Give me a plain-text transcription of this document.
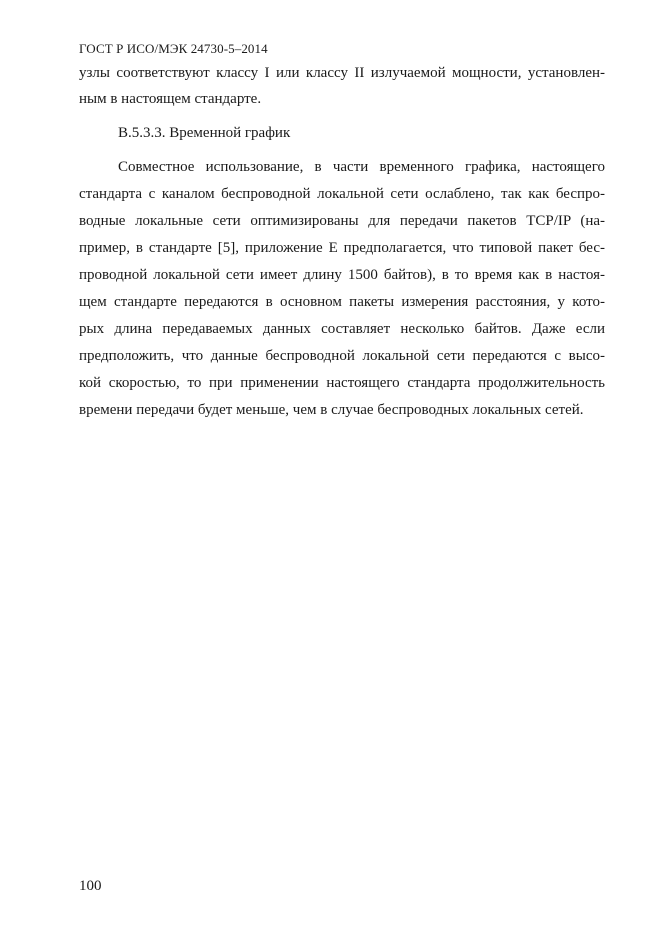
ГОСТ Р ИСО/МЭК 24730-5–2014
узлы соответствуют классу I или классу II излучаемой мощности, установлен-
ным в настоящем стандарте.
В.5.3.3. Временной график
Совместное использование, в части временного графика, настоящего
стандарта с каналом беспроводной локальной сети ослаблено, так как беспро-
водные локальные сети оптимизированы для передачи пакетов TCP/IP (на-
пример, в стандарте [5], приложение E предполагается, что типовой пакет бес-
проводной локальной сети имеет длину 1500 байтов), в то время как в настоя-
щем стандарте передаются в основном пакеты измерения расстояния, у кото-
рых длина передаваемых данных составляет несколько байтов. Даже если
предположить, что данные беспроводной локальной сети передаются с высо-
кой скоростью, то при применении настоящего стандарта продолжительность
времени передачи будет меньше, чем в случае беспроводных локальных сетей.
100
